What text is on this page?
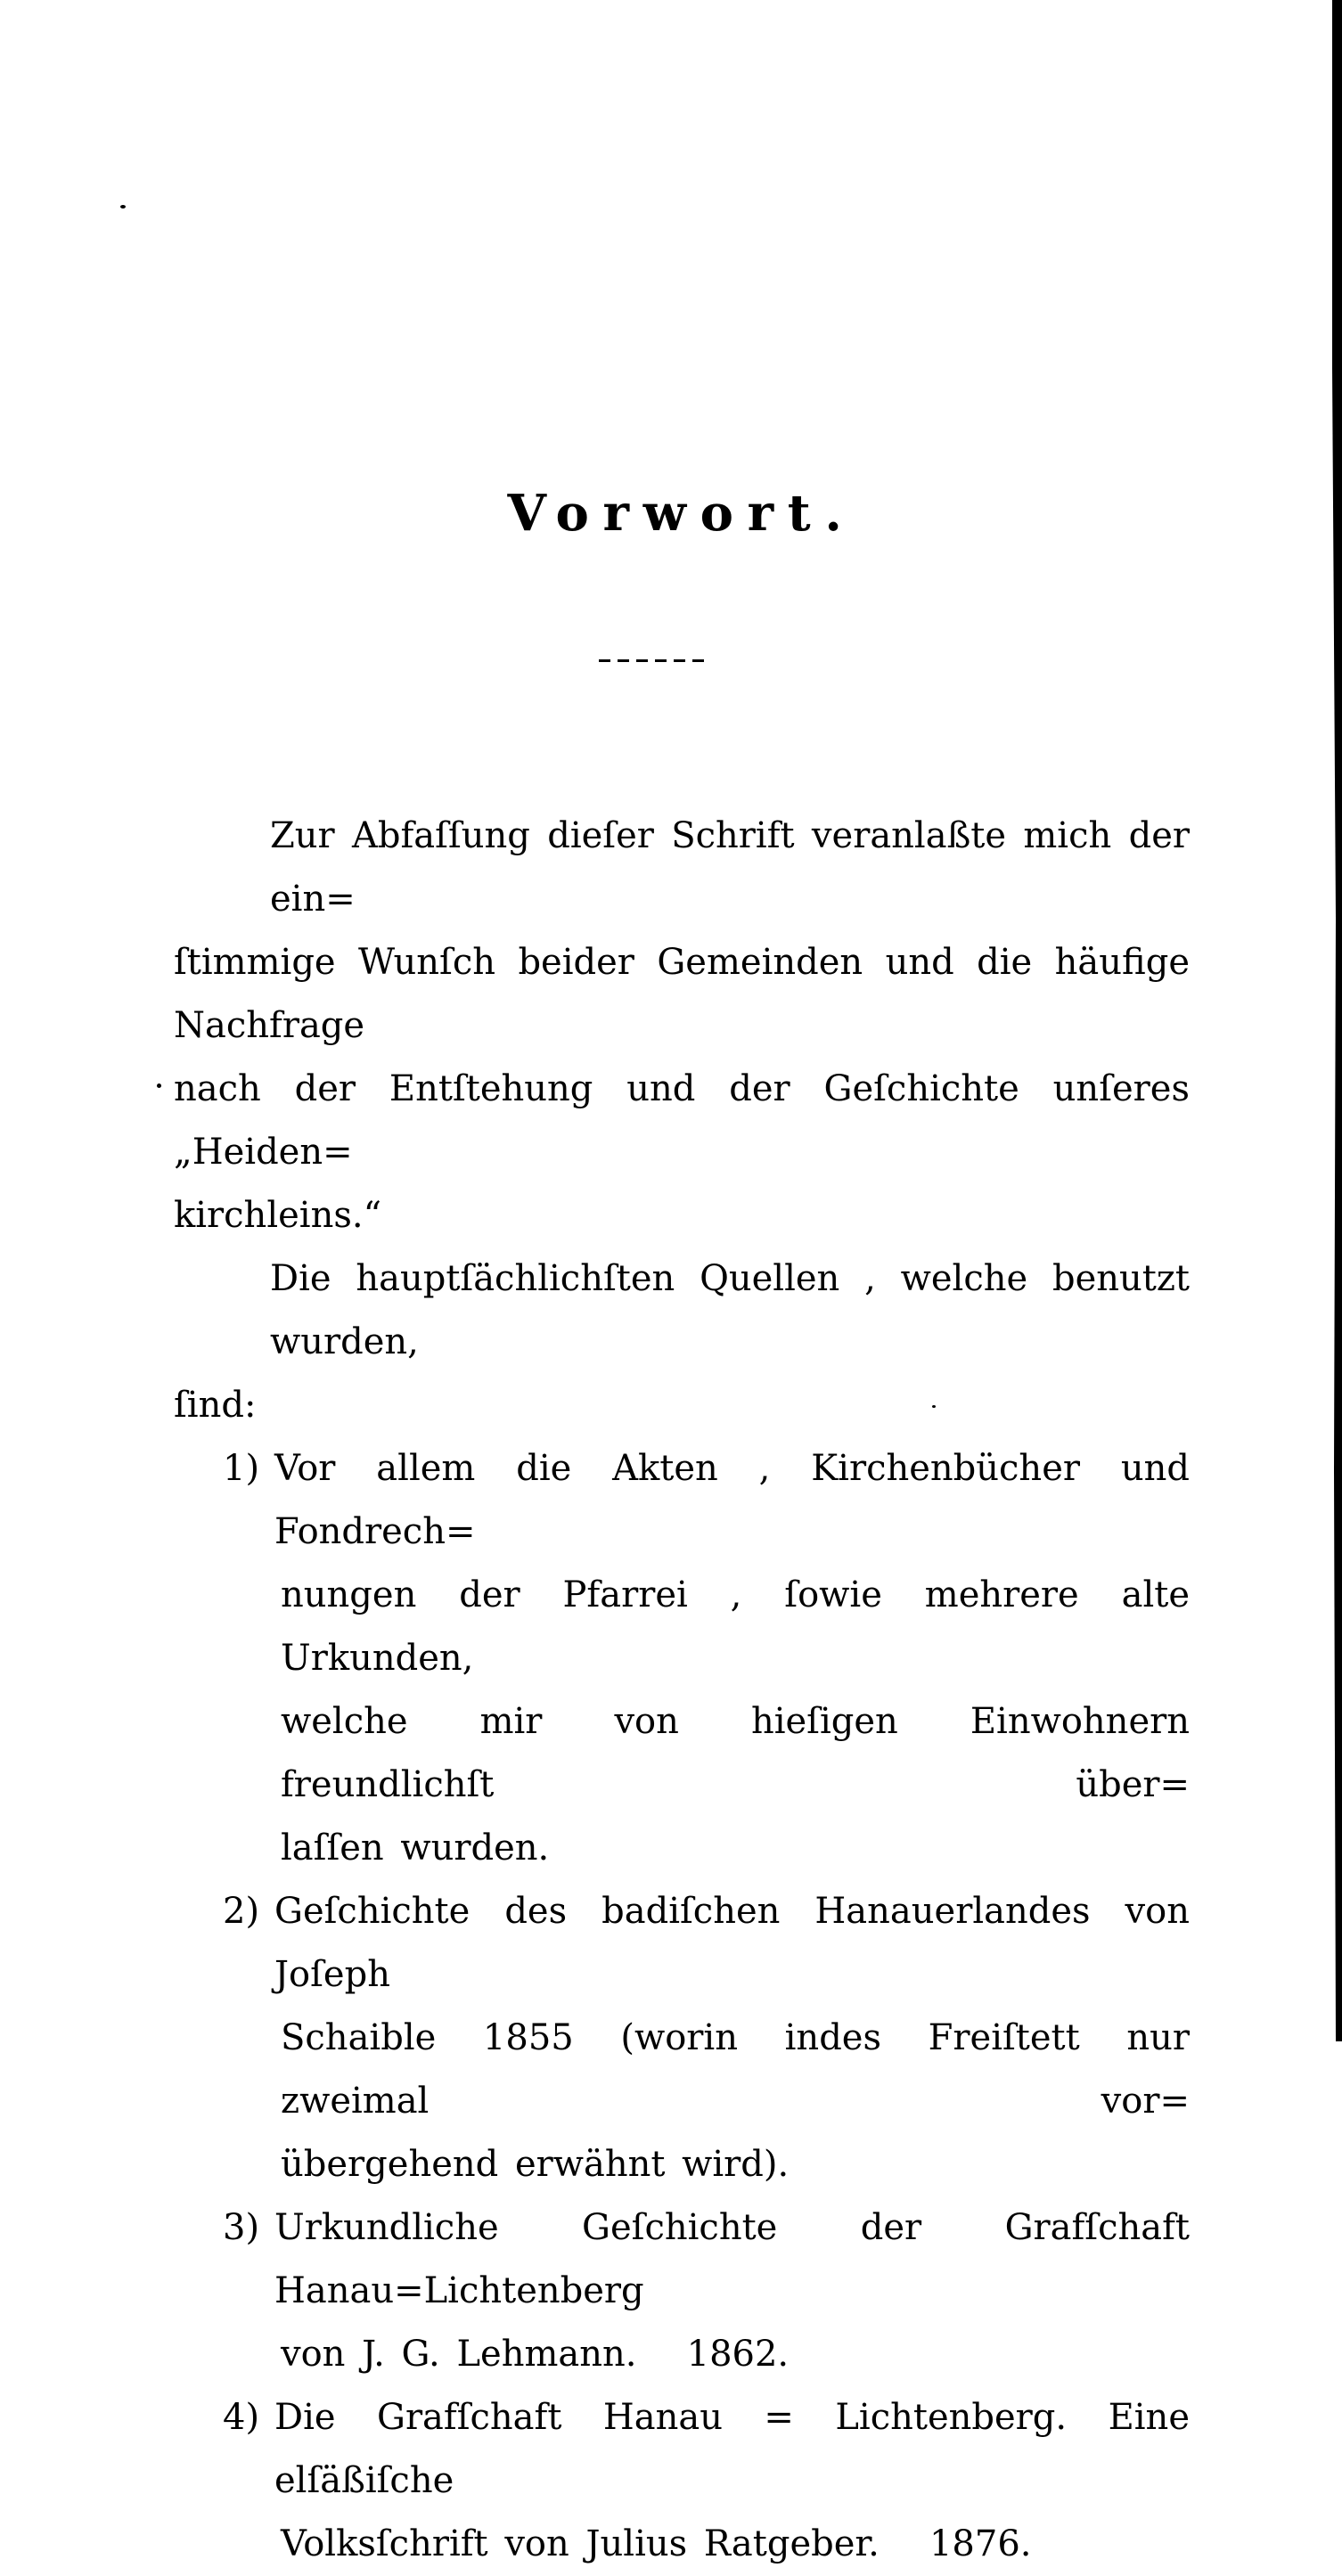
Vorwort.
Zur Abfaſſung dieſer Schrift veranlaßte mich der ein=
ſtimmige Wunſch beider Gemeinden und die häufige Nachfrage
nach der Entſtehung und der Geſchichte unſeres „Heiden=
kirchleins.“
Die hauptſächlichſten Quellen , welche benutzt wurden,
ſind:
1) Vor allem die Akten , Kirchenbücher und Fondrech=
nungen der Pfarrei , ſowie mehrere alte Urkunden,
welche mir von hieſigen Einwohnern freundlichſt über=
laſſen wurden.
2) Geſchichte des badiſchen Hanauerlandes von Joſeph
Schaible 1855 (worin indes Freiſtett nur zweimal vor=
übergehend erwähnt wird).
3) Urkundliche Geſchichte der Grafſchaft Hanau=Lichtenberg
von J. G. Lehmann.   1862.
4) Die Grafſchaft Hanau = Lichtenberg. Eine elſäßiſche
Volksſchrift von Julius Ratgeber.   1876.
